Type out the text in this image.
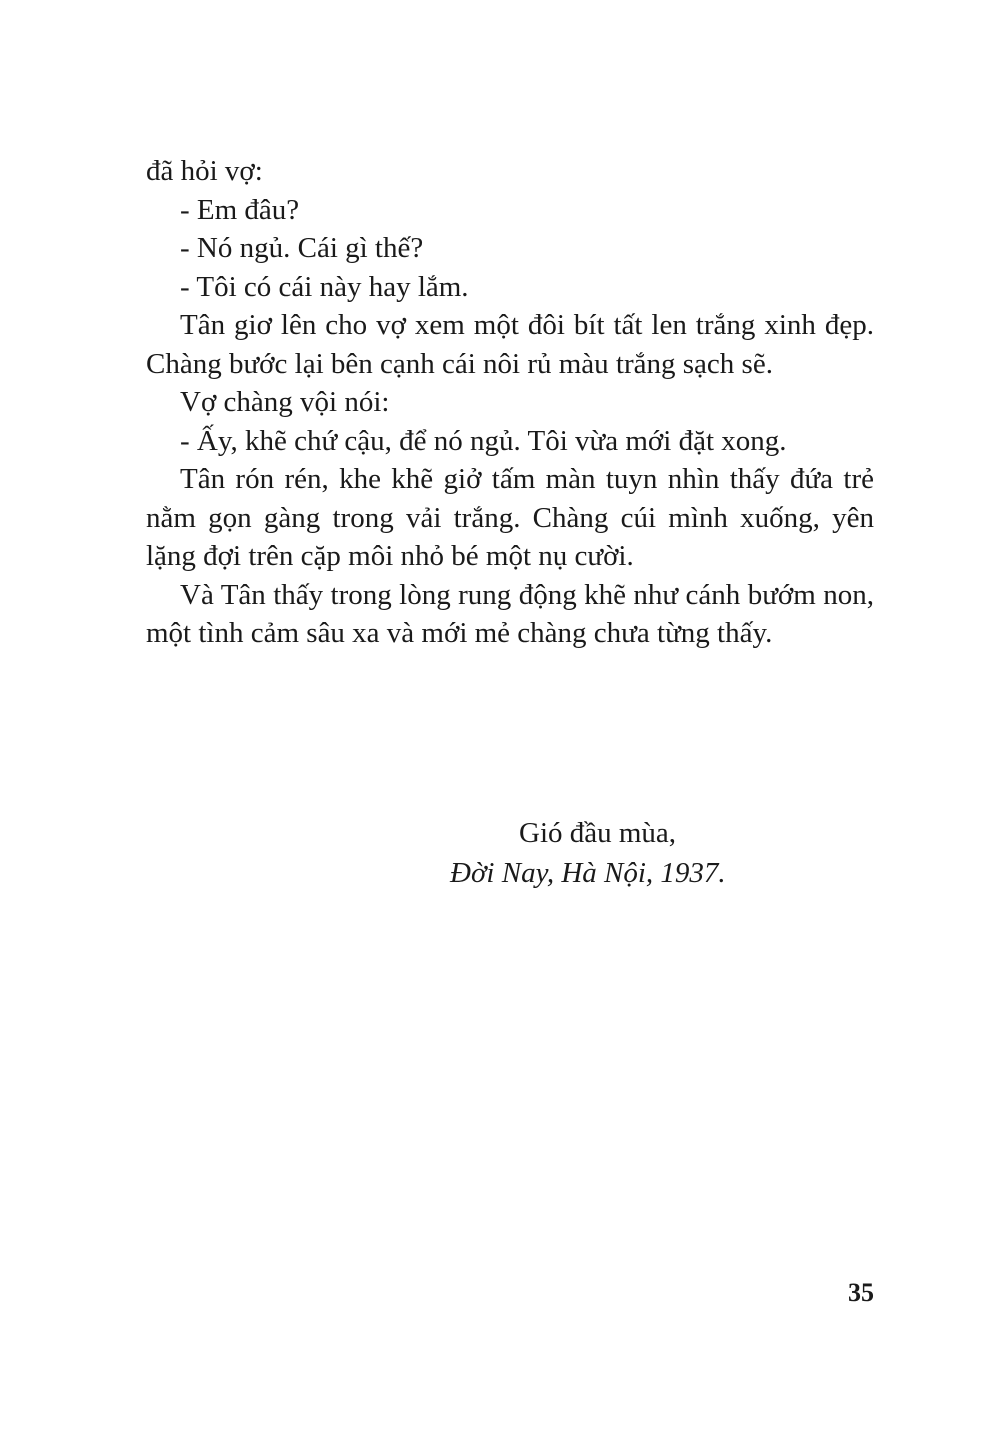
đã hỏi vợ:

- Em đâu?

- Nó ngủ. Cái gì thế?

- Tôi có cái này hay lắm.

Tân giơ lên cho vợ xem một đôi bít tất len trắng xinh đẹp. Chàng bước lại bên cạnh cái nôi rủ màu trắng sạch sẽ.

Vợ chàng vội nói:

- Ấy, khẽ chứ cậu, để nó ngủ. Tôi vừa mới đặt xong.

Tân rón rén, khe khẽ giở tấm màn tuyn nhìn thấy đứa trẻ nằm gọn gàng trong vải trắng. Chàng cúi mình xuống, yên lặng đợi trên cặp môi nhỏ bé một nụ cười.

Và Tân thấy trong lòng rung động khẽ như cánh bướm non, một tình cảm sâu xa và mới mẻ chàng chưa từng thấy.

Gió đầu mùa,
Đời Nay, Hà Nội, 1937.
35
